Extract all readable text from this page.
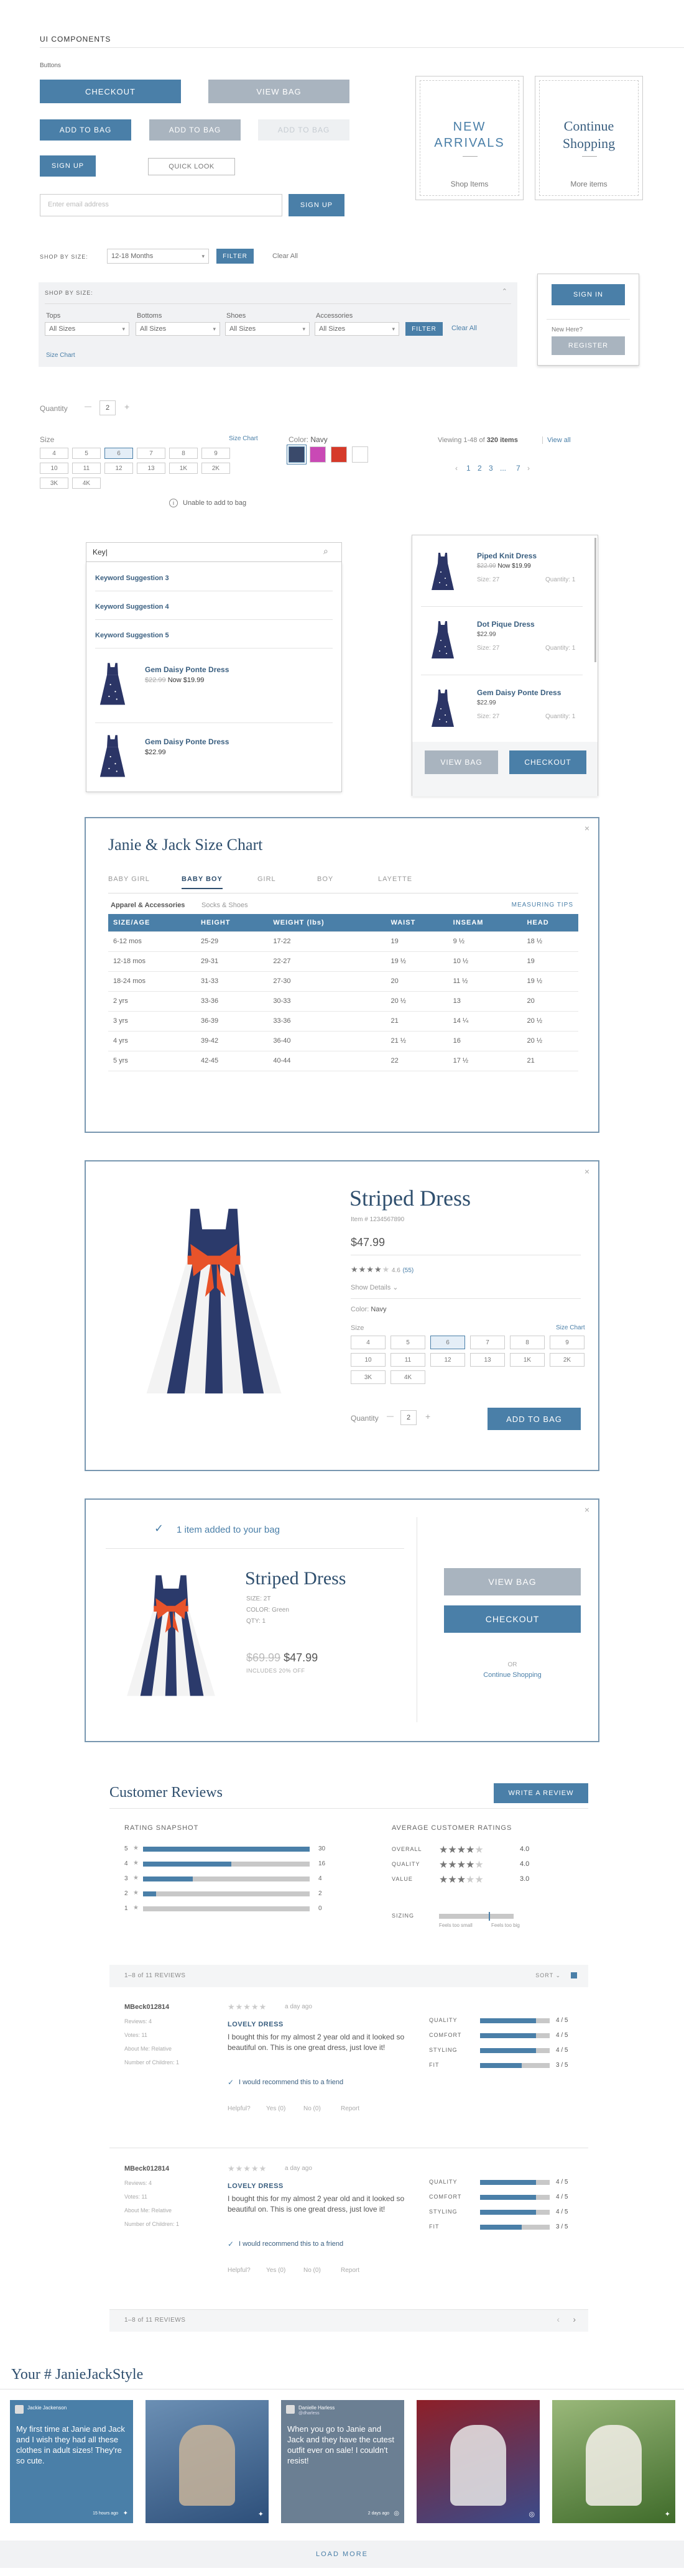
UI COMPONENTS
Buttons
CHECKOUT	VIEW BAG
ADD TO BAG	ADD TO BAG	ADD TO BAG
SIGN UP	QUICK LOOK
Enter email address	SIGN UP
NEW ARRIVALS
Shop Items
Continue Shopping
More items
SHOP BY SIZE:	12-18 Months
▾	FILTER	Clear All
SHOP BY SIZE:	⌃
Tops	Bottoms	Shoes	Accessories
All Sizes
▾	All Sizes
▾	All Sizes
▾	All Sizes
▾	FILTER	Clear All
Size Chart
SIGN IN
New Here?
REGISTER
Quantity —	2	+
Size	Size Chart
i	Unable to add to bag
Color: Navy	Viewing 1-48 of 320 items	View all
Key|	⌕
Keyword Suggestion 3
Keyword Suggestion 4
Keyword Suggestion 5
Gem Daisy Ponte Dress
$22.99 Now $19.99
Gem Daisy Ponte Dress
$22.99
VIEW BAG	CHECKOUT
Piped Knit Dress
$22.99 Now $19.99
Size: 27	Quantity: 1
Dot Pique Dress
$22.99
Size: 27	Quantity: 1
Gem Daisy Ponte Dress
$22.99
Size: 27	Quantity: 1
×
Janie & Jack Size Chart
Apparel & Accessories Socks & Shoes	MEASURING TIPS
SIZE/AGE	HEIGHT	WEIGHT (lbs)	WAIST	INSEAM	HEAD
6-12 mos	25-29	17-22	19	9 ½	18 ½
12-18 mos	29-31	22-27	19 ½	10 ½	19
18-24 mos	31-33	27-30	20	11 ½	19 ½
2 yrs	33-36	30-33	20 ½	13	20
3 yrs	36-39	33-36	21	14 ¼	20 ½
4 yrs	39-42	36-40	21 ½	16	20 ½
5 yrs	42-45	40-44	22	17 ½	21
BABY GIRL	BABY BOY	GIRL	BOY	LAYETTE
×
Striped Dress
Item # 1234567890
$47.99
★★★★★ 4.6 (55)
Show Details ⌄
Color: Navy
Size	Size Chart
Quantity —	2	+	ADD TO BAG
4	5	6	7	8	9
10	11	12	13	1K	2K
3K	4K
×
✓ 1 item added to your bag
Striped Dress
SIZE: 2T
COLOR: Green
QTY: 1
$69.99 $47.99
INCLUDES 20% OFF
VIEW BAG
CHECKOUT
OR
Continue Shopping
Customer Reviews	WRITE A REVIEW
RATING SNAPSHOT	AVERAGE CUSTOMER RATINGS
SIZING
Feels too small	Feels too big
1–8 of 11 REVIEWS	SORT ⌄
1–8 of 11 REVIEWS	‹ ›
Your # JanieJackStyle
LOAD MORE
4	5	6	7	8	9
10	11	12	13	1K	2K
3K	4K
‹ 1 2 3 ... 7 ›
5 ★	30
4 ★	16
3 ★	4
2 ★	2
1 ★	0
OVERALL ★★★★★	4.0
QUALITY ★★★★★	4.0
VALUE	★★★★★	3.0
MBeck012814
Reviews: 4
Votes: 11
About Me: Relative
Number of Children: 1
★★★★★	a day ago
LOVELY DRESS
I bought this for my almost 2 year old and it looked so beautiful on. This is one great dress, just love it!
✓ I would recommend this to a friend
Helpful?	Yes (0)	No (0)	Report
QUALITY	4 / 5
COMFORT	4 / 5
STYLING	4 / 5
FIT	3 / 5
MBeck012814
Reviews: 4
Votes: 11
About Me: Relative
Number of Children: 1
★★★★★	a day ago
LOVELY DRESS
I bought this for my almost 2 year old and it looked so beautiful on. This is one great dress, just love it!
✓ I would recommend this to a friend
Helpful?	Yes (0)	No (0)	Report
QUALITY	4 / 5
COMFORT	4 / 5
STYLING	4 / 5
FIT	3 / 5
Jackie Jackenson
My first time at Janie and Jack and I wish they had all these clothes in adult sizes! They're so cute.
15 hours ago ✦	✦
Danielle Harless
@dharless
When you go to Janie and Jack and they have the cutest outfit ever on sale! I couldn't resist!
2 days ago ◎	◎	✦
